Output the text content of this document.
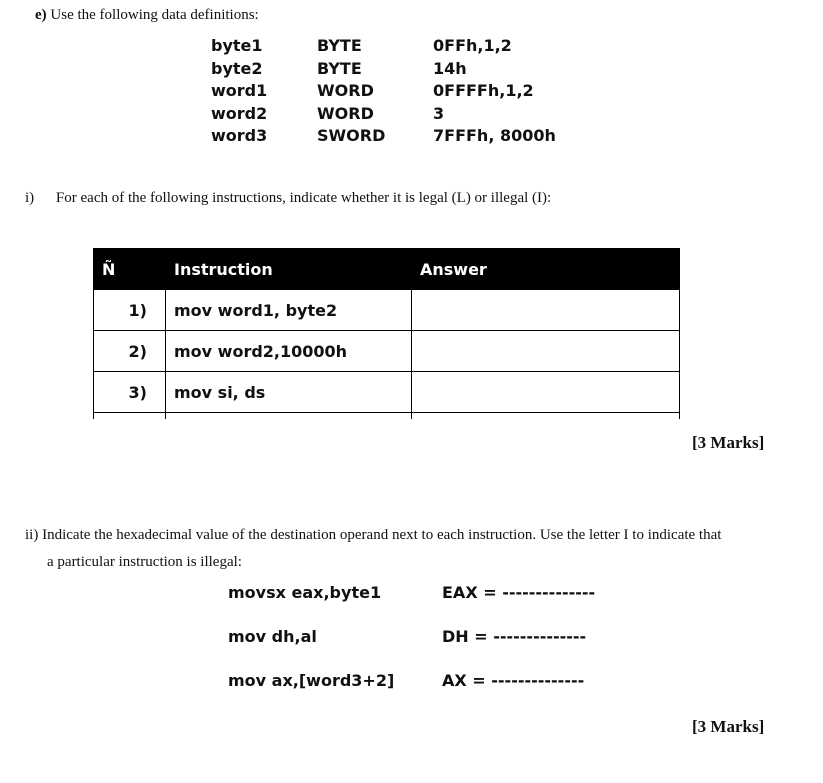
e) Use the following data definitions:
byte1	BYTE	0FFh,1,2
byte2	BYTE	14h
word1	WORD	0FFFFh,1,2
word2	WORD	3
word3	SWORD	7FFFh, 8000h
i) For each of the following instructions, indicate whether it is legal (L) or illegal (I):
Ñ	Instruction	Answer
1)	mov word1, byte2	
2)	mov word2,10000h	
3)	mov si, ds	

[3 Marks]
ii) Indicate the hexadecimal value of the destination operand next to each instruction. Use the letter I to indicate that
a particular instruction is illegal:
movsx eax,byte1	EAX = --------------
mov dh,al	DH = --------------
mov ax,[word3+2]	AX = --------------
[3 Marks]
